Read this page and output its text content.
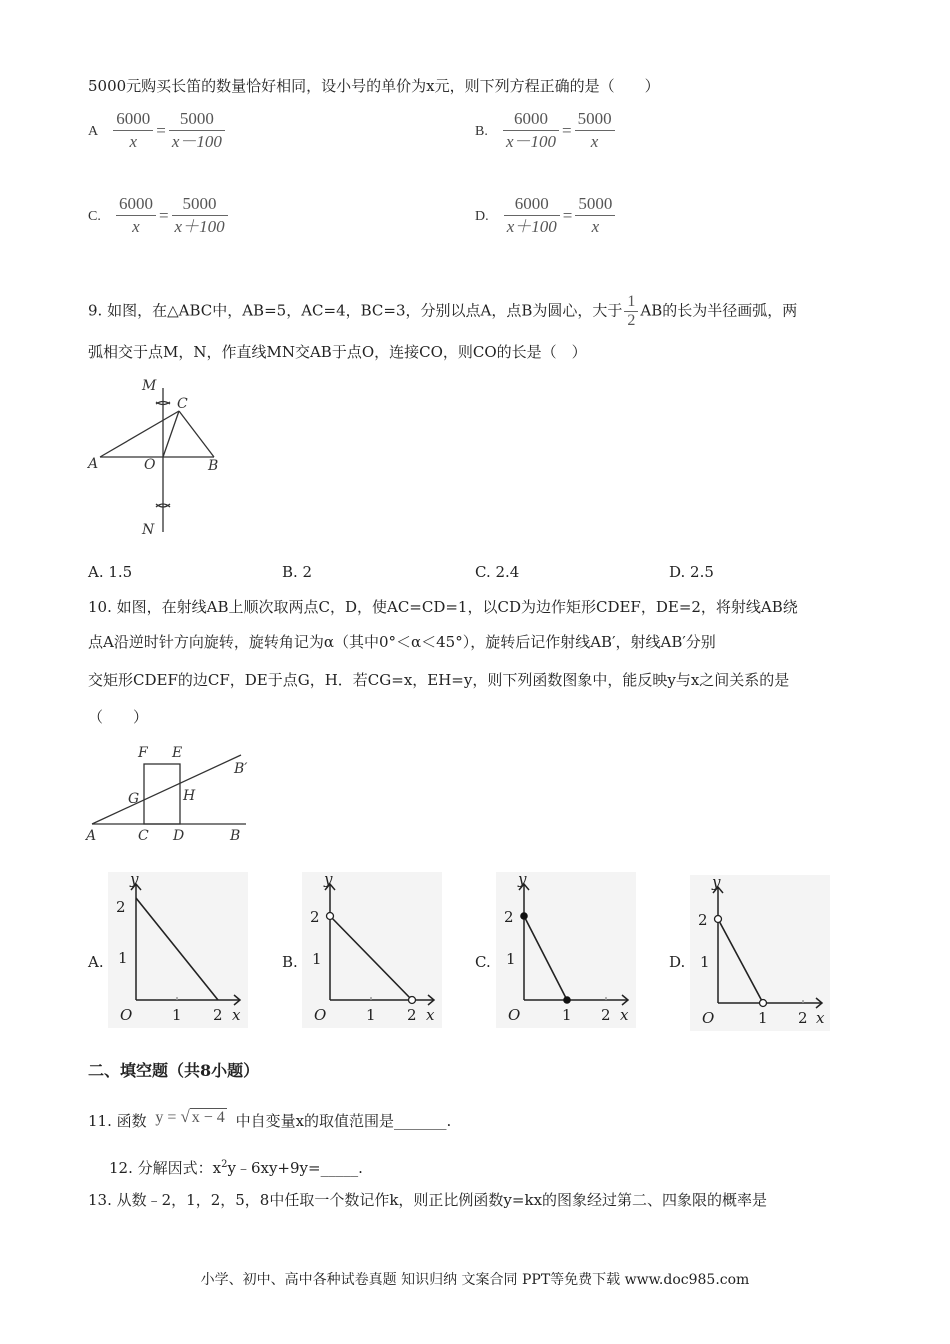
5000元购买长笛的数量恰好相同，设小号的单价为x元，则下列方程正确的是（　　）
A $\frac{6000}{x} = \frac{5000}{x-100}$	B. $\frac{6000}{x-100} = \frac{5000}{x}$
C. $\frac{6000}{x} = \frac{5000}{x+100}$	D. $\frac{6000}{x+100} = \frac{5000}{x}$
9. 如图，在△ABC中，AB=5，AC=4，BC=3，分别以点A，点B为圆心，大于 $\frac{1}{2}$ AB的长为半径画弧，两
弧相交于点M，N，作直线MN交AB于点O，连接CO，则CO的长是（　）
M
C
A	O	B
N
A. 1.5	B. 2	C. 2.4	D. 2.5
10. 如图，在射线AB上顺次取两点C，D，使AC=CD=1，以CD为边作矩形CDEF，DE=2，将射线AB绕
点A沿逆时针方向旋转，旋转角记为α（其中0°＜α＜45°），旋转后记作射线AB′，射线AB′分别
交矩形CDEF的边CF，DE于点G，H．若CG=x，EH=y，则下列函数图象中，能反映y与x之间关系的是
（　　）
F E
B′
G	H
A	C D	B
A.	B.	C.	D.
y
2
1
O	1 2 x
y
2
1
O	1 2 x
y
2
1
O	1 2 x
y
2
1
O	1 2 x
二、填空题（共8小题）
11. 函数 y = √ x − 4 中自变量x的取值范围是_______.
12. 分解因式：$x^2y﹣6xy+9y=\_\_\_\_\_$.
13. 从数﹣2，1，2，5，8中任取一个数记作k，则正比例函数y=kx的图象经过第二、四象限的概率是
小学、初中、高中各种试卷真题 知识归纳 文案合同 PPT等免费下载 www.doc985.com
